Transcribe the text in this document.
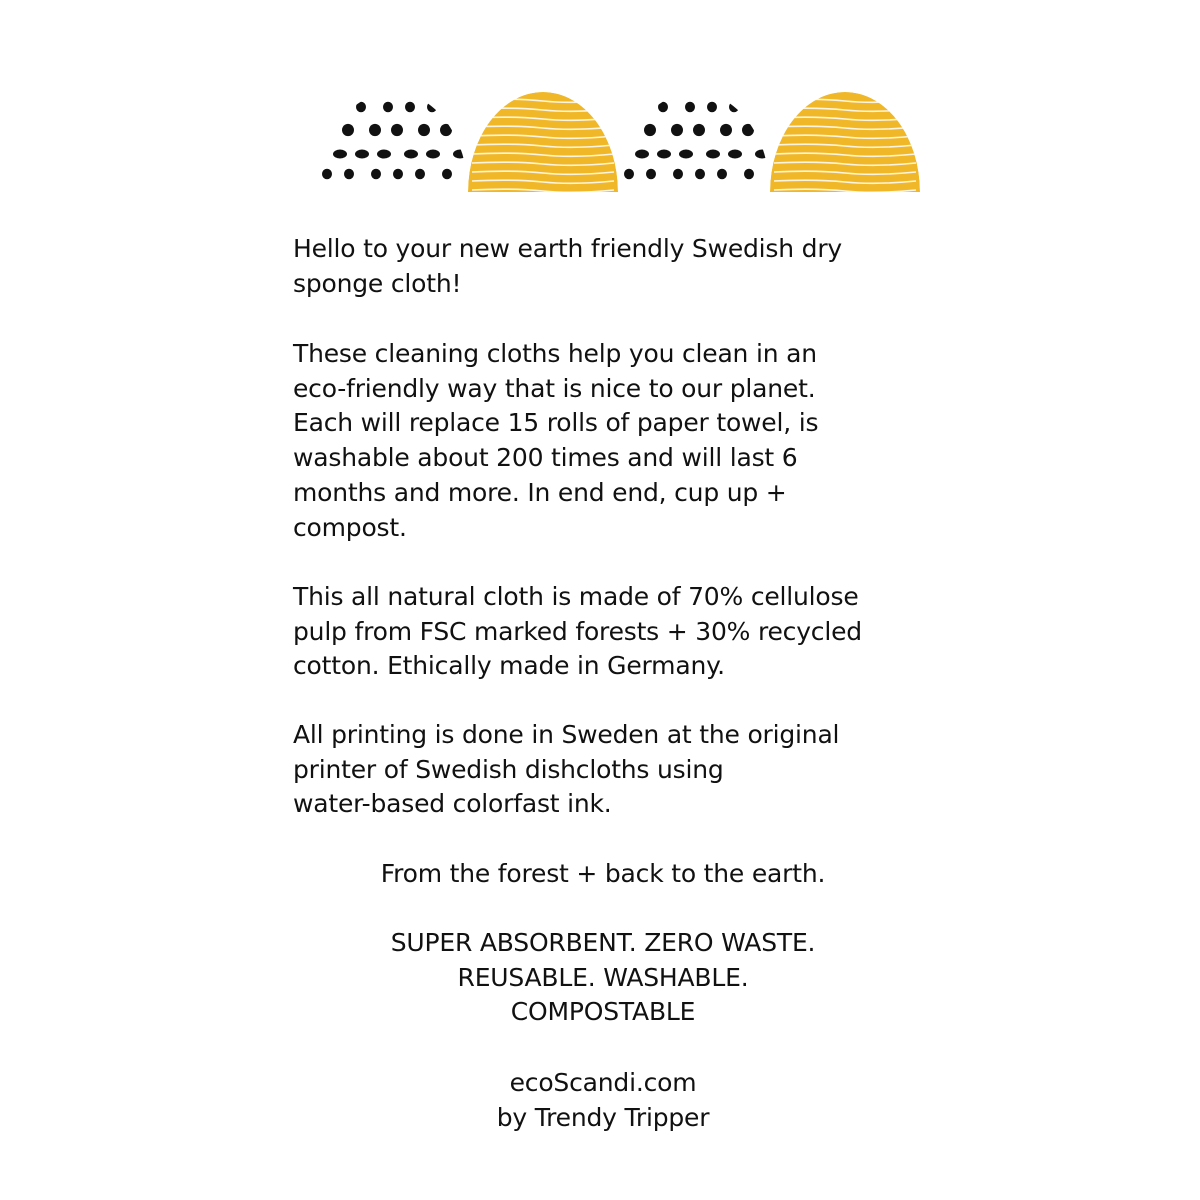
Hello to your new earth friendly Swedish dry
sponge cloth!

These cleaning cloths help you clean in an
eco-friendly way that is nice to our planet.
Each will replace 15 rolls of paper towel, is
washable about 200 times and will last 6
months and more. In end end, cup up +
compost.

This all natural cloth is made of 70% cellulose
pulp from FSC marked forests + 30% recycled
cotton. Ethically made in Germany.

All printing is done in Sweden at the original
printer of Swedish dishcloths using
water-based colorfast ink.

From the forest + back to the earth.

SUPER ABSORBENT. ZERO WASTE.
REUSABLE. WASHABLE.
COMPOSTABLE

ecoScandi.com

by Trendy Tripper
